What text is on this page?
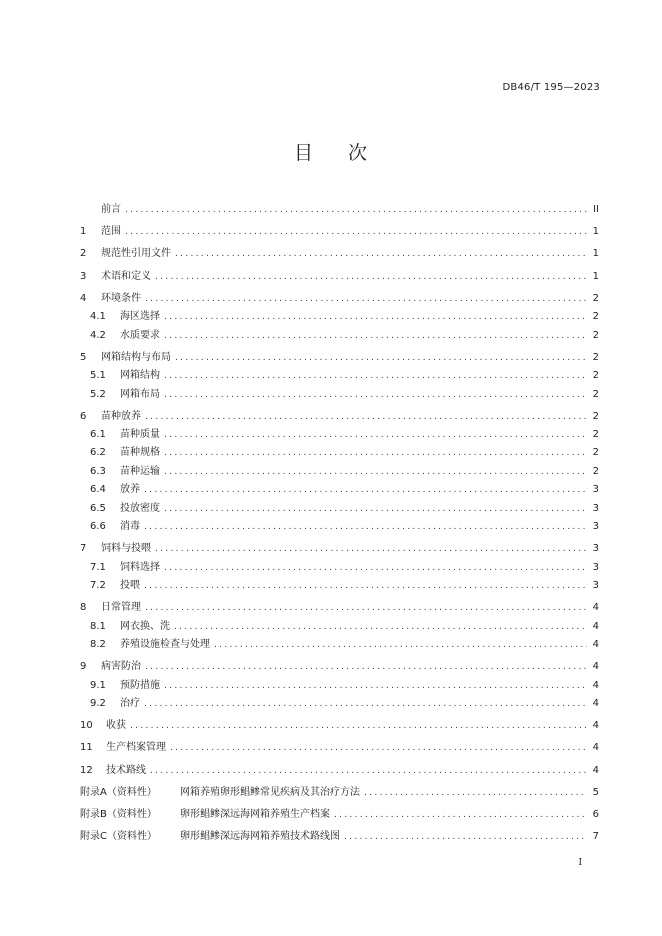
DB46/T 195—2023
目 次
前言 .....	II
1	范围 .....	1
2	规范性引用文件 .....	1
3	术语和定义 .....	1
4	环境条件 .....	2
4.1	海区选择 .....	2
4.2	水质要求 .....	2
5	网箱结构与布局 .....	2
5.1	网箱结构 .....	2
5.2	网箱布局 .....	2
6	苗种放养 .....	2
6.1	苗种质量 .....	2
6.2	苗种规格 .....	2
6.3	苗种运输 .....	2
6.4	放养 .....	3
6.5	投放密度 .....	3
6.6	消毒 .....	3
7	饲料与投喂 .....	3
7.1	饲料选择 .....	3
7.2	投喂 .....	3
8	日常管理 .....	4
8.1	网衣换、洗 .....	4
8.2	养殖设施检查与处理 .....	4
9	病害防治 .....	4
9.1	预防措施 .....	4
9.2	治疗 .....	4
10	收获 .....	4
11	生产档案管理 .....	4
12	技术路线 .....	4
附录A（资料性）	网箱养殖卵形鲳鲹常见疾病及其治疗方法 .....	5
附录B（资料性）	卵形鲳鲹深远海网箱养殖生产档案 .....	6
附录C（资料性）	卵形鲳鲹深远海网箱养殖技术路线图 .....	7
I
